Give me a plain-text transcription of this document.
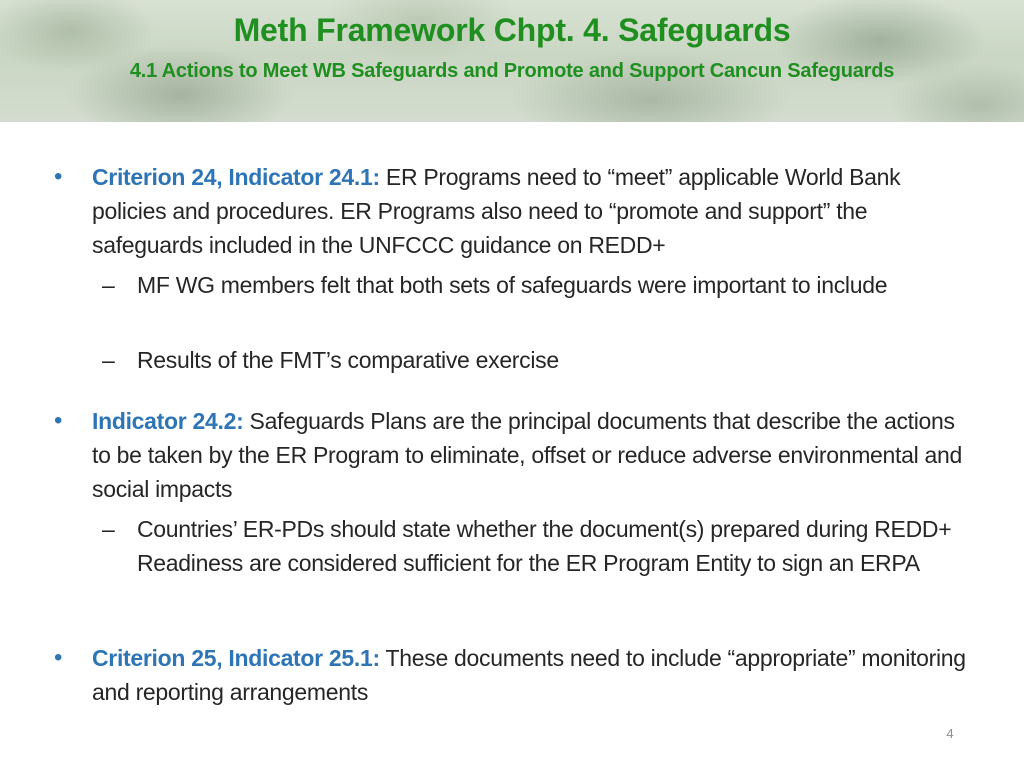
Meth Framework Chpt. 4. Safeguards
4.1 Actions to Meet WB Safeguards and Promote and Support Cancun Safeguards
• Criterion 24, Indicator 24.1: ER Programs need to “meet” applicable World Bank policies and procedures. ER Programs also need to “promote and support” the safeguards included in the UNFCCC guidance on REDD+
– MF WG members felt that both sets of safeguards were important to include
– Results of the FMT’s comparative exercise
• Indicator 24.2: Safeguards Plans are the principal documents that describe the actions to be taken by the ER Program to eliminate, offset or reduce adverse environmental and social impacts
– Countries’ ER-PDs should state whether the document(s) prepared during REDD+ Readiness are considered sufficient for the ER Program Entity to sign an ERPA
• Criterion 25, Indicator 25.1: These documents need to include “appropriate” monitoring and reporting arrangements
4
